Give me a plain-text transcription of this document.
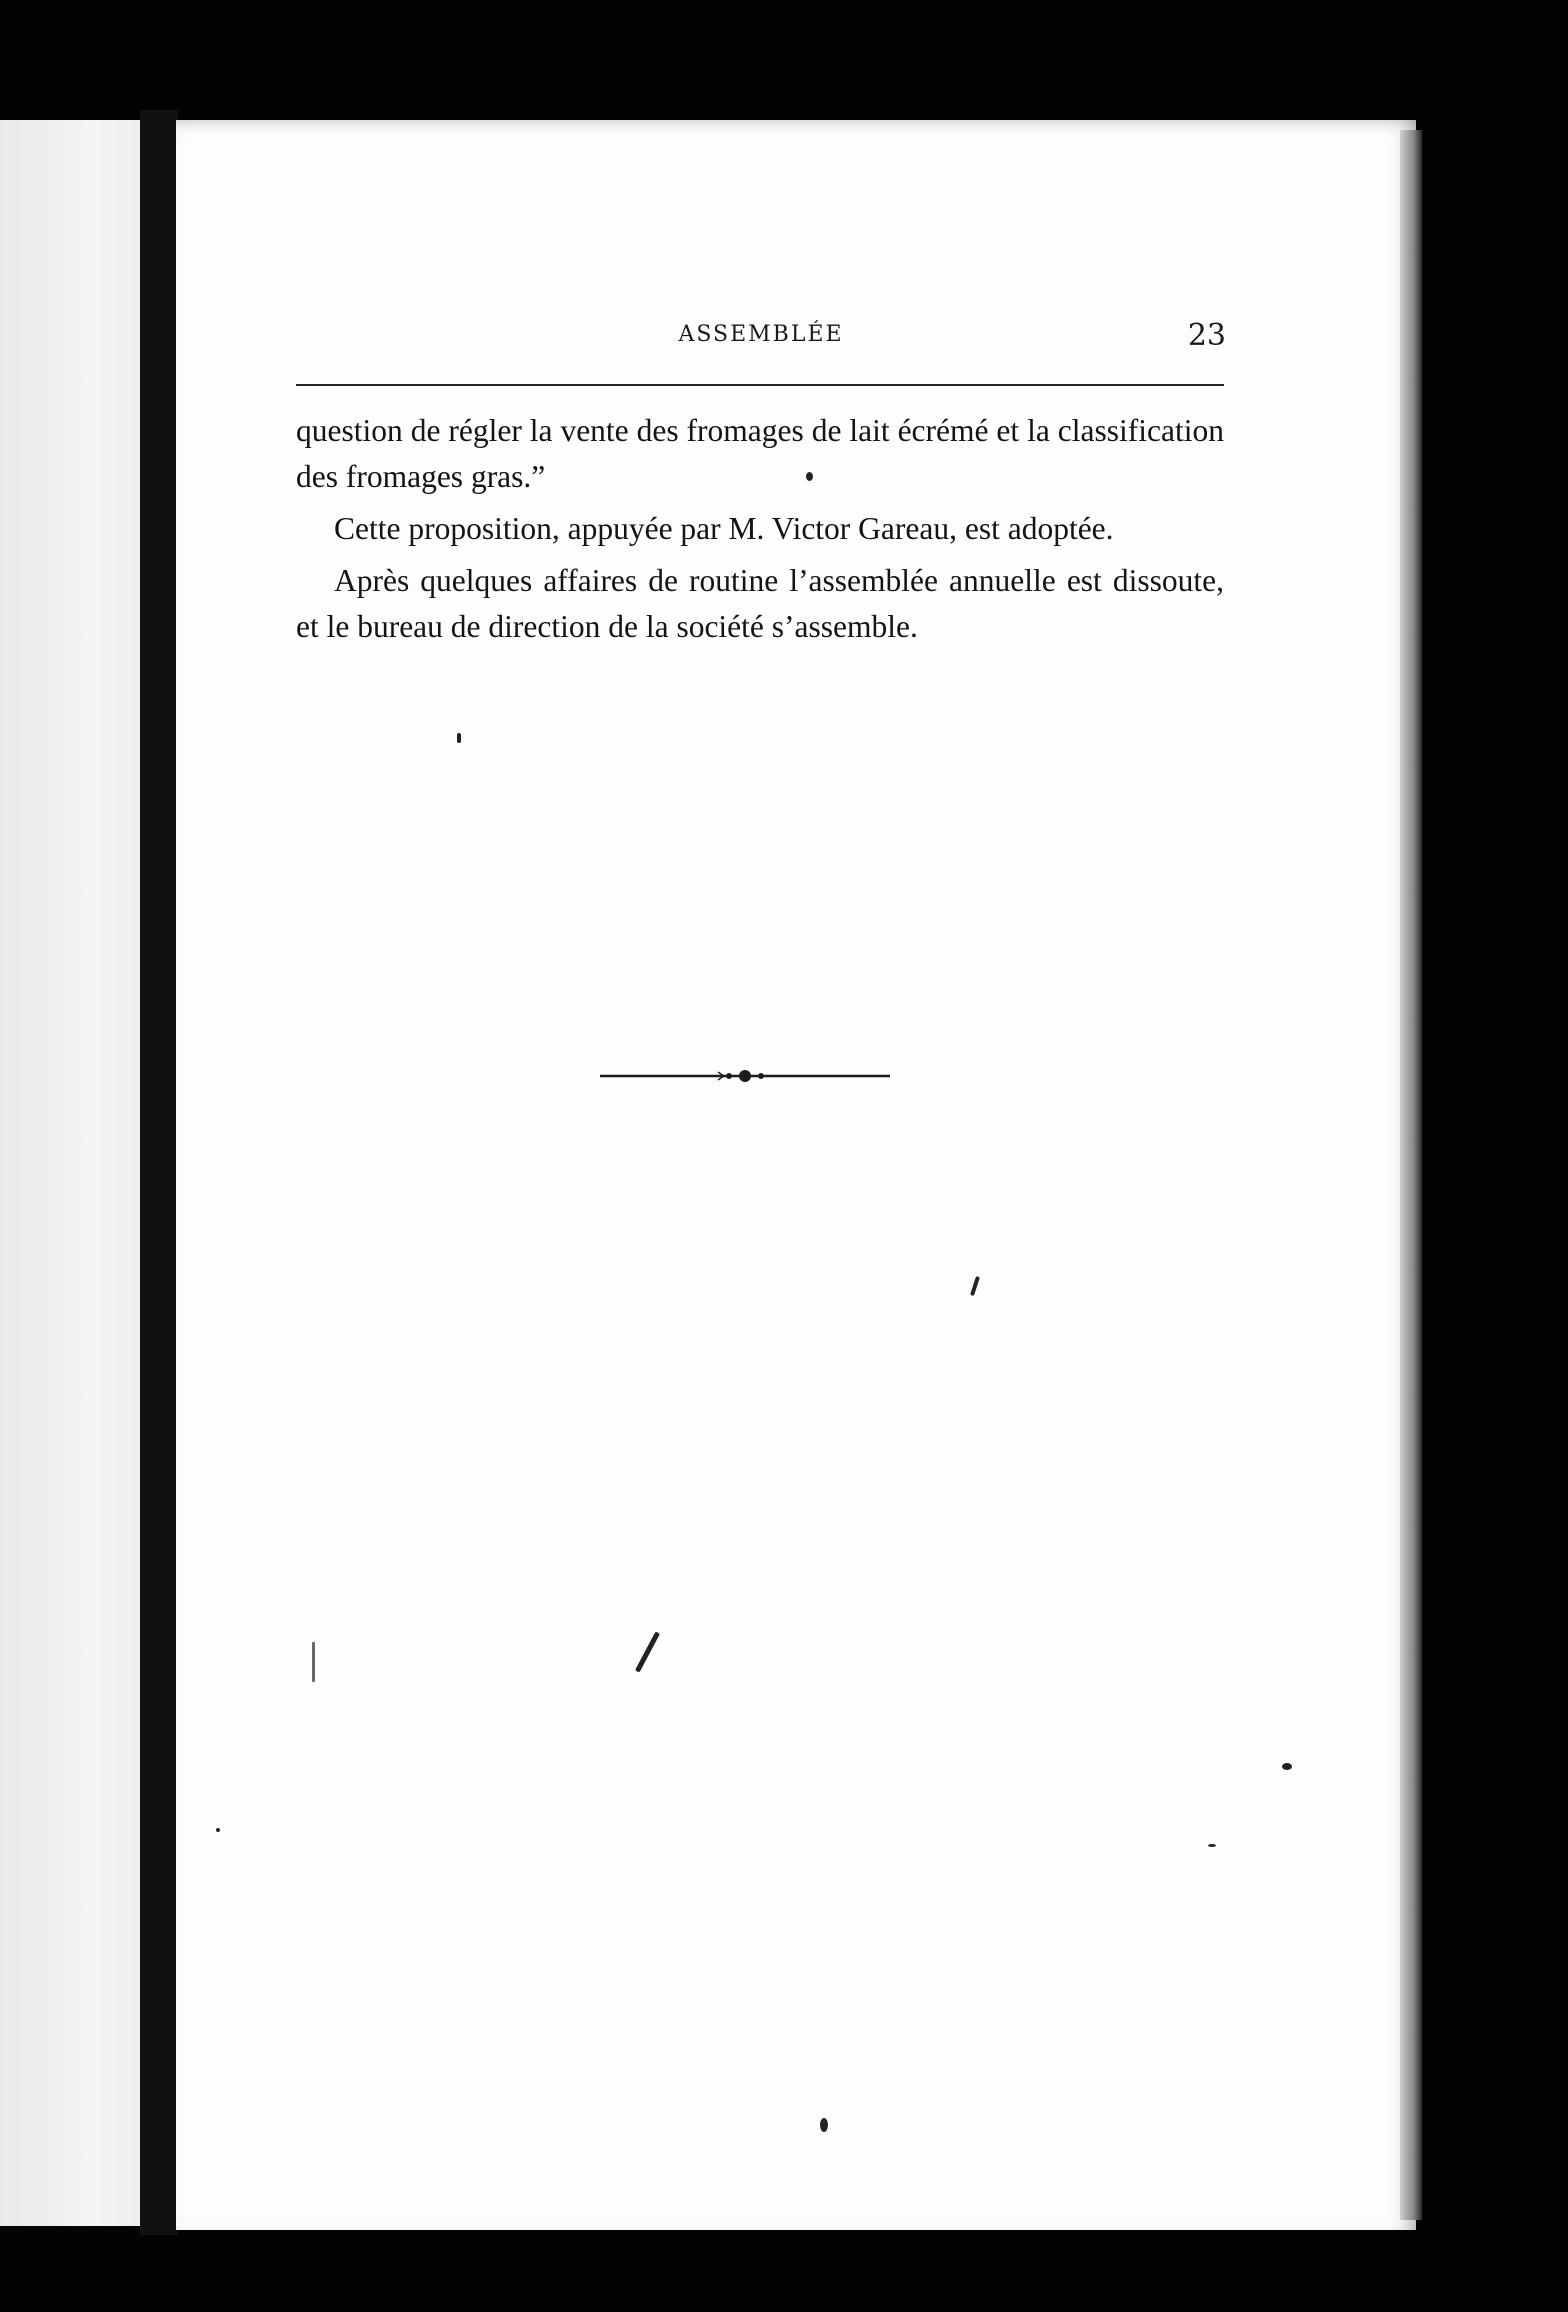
ASSEMBLÉE	23

question de régler la vente des fromages de lait écrémé et la classification des fromages gras.”

Cette proposition, appuyée par M. Victor Gareau, est adoptée.

Après quelques affaires de routine l’assemblée annuelle est dissoute, et le bureau de direction de la société s’assemble.
